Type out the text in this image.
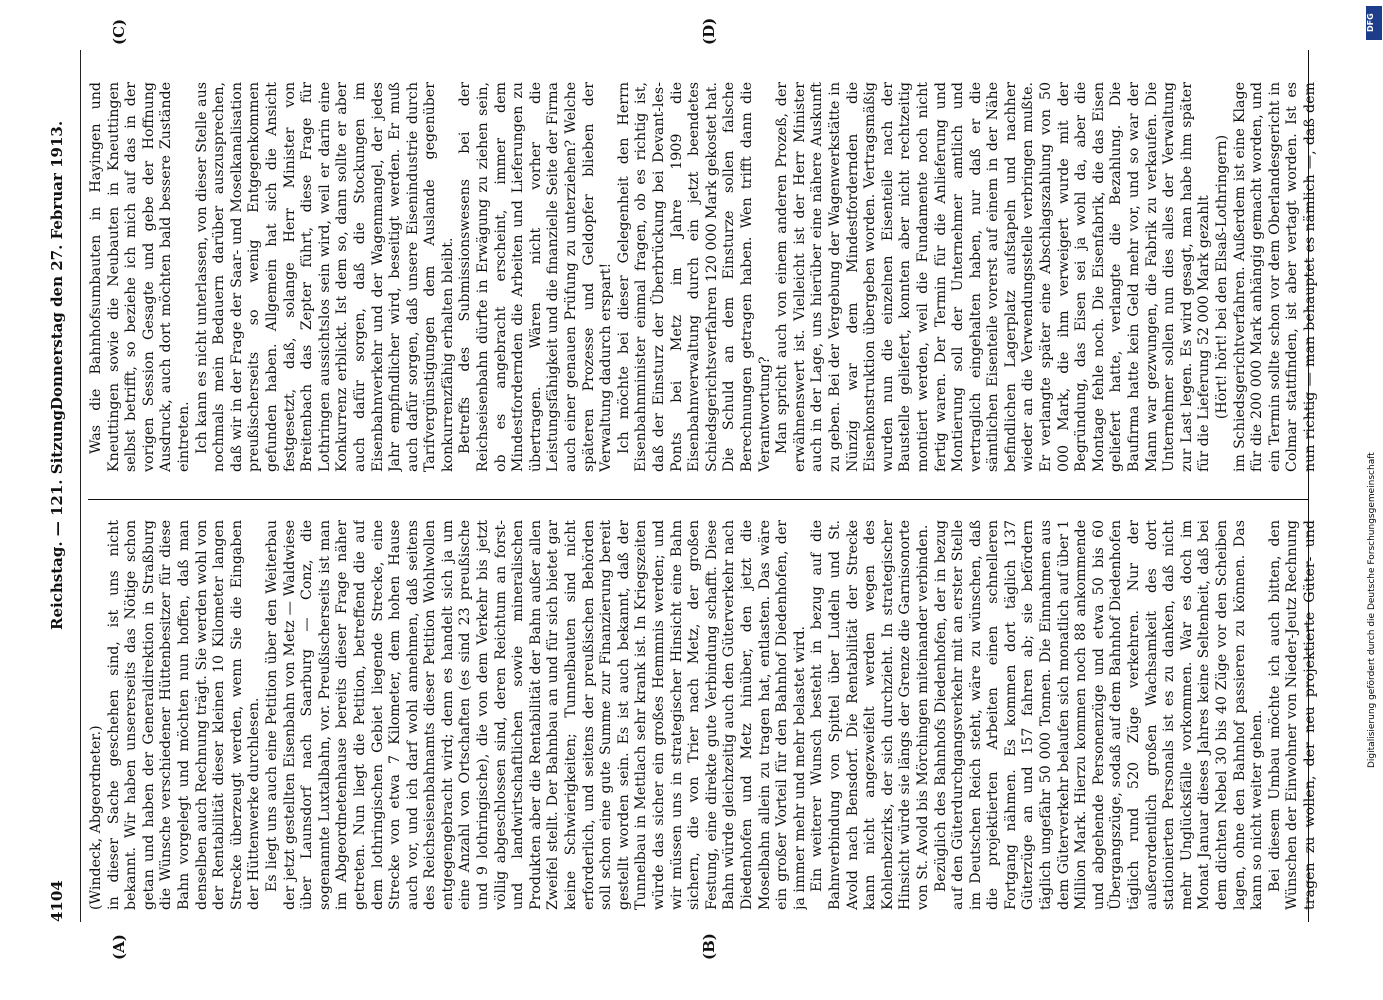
4104
Reichstag. — 121. Sitzung.
Donnerstag den 27. Februar 1913.
(A)	(B)
(C)	(D)

(Windeck, Abgeordneter.) in dieser Sache geschehen sind, ist uns nicht bekannt. Wir haben unsererseits das Nötige schon getan und haben der Generaldirektion in Straßburg die Wünsche verschiedener Hüttenbesitzer für diese Bahn vorgelegt und möchten nun hoffen, daß man denselben auch Rechnung trägt. Sie werden wohl von der Rentabilität dieser kleinen 10 Kilometer langen Strecke überzeugt werden, wenn Sie die Eingaben der Hüttenwerke durchlesen. Es liegt uns auch eine Petition über den Weiterbau der jetzt gestellten Eisenbahn von Metz — Waldwiese über Launsdorf nach Saarburg — Conz, die sogenannte Luxtalbahn, vor. Preußischerseits ist man im Abgeordnetenhause bereits dieser Frage näher getreten. Nun liegt die Petition, betreffend die auf dem lothringischen Gebiet liegende Strecke, eine Strecke von etwa 7 Kilometer, dem hohen Hause auch vor, und ich darf wohl annehmen, daß seitens des Reichseisenbahnamts dieser Petition Wohlwollen entgegengebracht wird; denn es handelt sich ja um eine Anzahl von Ortschaften (es sind 23 preußische und 9 lothringische), die von dem Verkehr bis jetzt völlig abgeschlossen sind, deren Reichtum an forst- und landwirtschaftlichen sowie mineralischen Produkten aber die Rentabilität der Bahn außer allen Zweifel stellt. Der Bahnbau an und für sich bietet gar keine Schwierigkeiten; Tunnelbauten sind nicht erforderlich, und seitens der preußischen Behörden soll schon eine gute Summe zur Finanzierung bereit gestellt worden sein. Es ist auch bekannt, daß der Tunnelbau in Mettlach sehr krank ist. In Kriegszeiten würde das sicher ein großes Hemmnis werden; und wir müssen uns in strategischer Hinsicht eine Bahn sichern, die von Trier nach Metz, der großen Festung, eine direkte gute Verbindung schafft. Diese Bahn würde gleichzeitig auch den Güterverkehr nach Diedenhofen und Metz hinüber, den jetzt die Moselbahn allein zu tragen hat, entlasten. Das wäre ein großer Vorteil für den Bahnhof Diedenhofen, der ja immer mehr und mehr belastet wird. Ein weiterer Wunsch besteht in bezug auf die Bahnverbindung von Spittel über Ludeln und St. Avold nach Bensdorf. Die Rentabilität der Strecke kann nicht angezweifelt werden wegen des Kohlenbezirks, der sich durchzieht. In strategischer Hinsicht würde sie längs der Grenze die Garnisonorte von St. Avold bis Mörchingen miteinander verbinden. Bezüglich des Bahnhofs Diedenhofen, der in bezug auf den Güterdurchgangsverkehr mit an erster Stelle im Deutschen Reich steht, wäre zu wünschen, daß die projektierten Arbeiten einen schnelleren Fortgang nähmen. Es kommen dort täglich 137 Güterzüge an und 157 fahren ab; sie befördern täglich ungefähr 50 000 Tonnen. Die Einnahmen aus dem Güterverkehr belaufen sich monatlich auf über 1 Million Mark. Hierzu kommen noch 88 ankommende und abgehende Personenzüge und etwa 50 bis 60 Übergangszüge, sodaß auf dem Bahnhof Diedenhofen täglich rund 520 Züge verkehren. Nur der außerordentlich großen Wachsamkeit des dort stationierten Personals ist es zu danken, daß nicht mehr Unglücksfälle vorkommen. War es doch im Monat Januar dieses Jahres keine Seltenheit, daß bei dem dichten Nebel 30 bis 40 Züge vor den Scheiben lagen, ohne den Bahnhof passieren zu können. Das kann so nicht weiter gehen. Bei diesem Umbau möchte ich auch bitten, den Wünschen der Einwohner von Nieder-Jeutz Rechnung tragen zu wollen, der neu projektierte Güter- und

Was die Bahnhofsumbauten in Hayingen und Kneuttingen sowie die Neubauten in Kneuttingen selbst betrifft, so beziehe ich mich auf das in der vorigen Session Gesagte und gebe der Hoffnung Ausdruck, auch dort möchten bald bessere Zustände eintreten. Ich kann es nicht unterlassen, von dieser Stelle aus nochmals mein Bedauern darüber auszusprechen, daß wir in der Frage der Saar- und Moselkanalisation preußischerseits so wenig Entgegenkommen gefunden haben. Allgemein hat sich die Ansicht festgesetzt, daß, solange Herr Minister von Breitenbach das Zepter führt, diese Frage für Lothringen aussichtslos sein wird, weil er darin eine Konkurrenz erblickt. Ist dem so, dann sollte er aber auch dafür sorgen, daß die Stockungen im Eisenbahnverkehr und der Wagenmangel, der jedes Jahr empfindlicher wird, beseitigt werden. Er muß auch dafür sorgen, daß unsere Eisenindustrie durch Tarifvergünstigungen dem Auslande gegenüber konkurrenzfähig erhalten bleibt. Betreffs des Submissionswesens bei der Reichseisenbahn dürfte in Erwägung zu ziehen sein, ob es angebracht erscheint, immer dem Mindestfordernden die Arbeiten und Lieferungen zu übertragen. Wären nicht vorher die Leistungsfähigkeit und die finanzielle Seite der Firma auch einer genauen Prüfung zu unterziehen? Welche späteren Prozesse und Geldopfer blieben der Verwaltung dadurch erspart! Ich möchte bei dieser Gelegenheit den Herrn Eisenbahnminister einmal fragen, ob es richtig ist, daß der Einsturz der Überbrückung bei Devant-les-Ponts bei Metz im Jahre 1909 die Eisenbahnverwaltung durch ein jetzt beendetes Schiedsgerichtsverfahren 120 000 Mark gekostet hat. Die Schuld an dem Einsturze sollen falsche Berechnungen getragen haben. Wen trifft dann die Verantwortung? Man spricht auch von einem anderen Prozeß, der erwähnenswert ist. Vielleicht ist der Herr Minister auch in der Lage, uns hierüber eine nähere Auskunft zu geben. Bei der Vergebung der Wagenwerkstätte in Nünzig war dem Mindestfordernden die Eisenkonstruktion übergeben worden. Vertragsmäßig wurden nun die einzelnen Eisenteile nach der Baustelle geliefert, konnten aber nicht rechtzeitig montiert werden, weil die Fundamente noch nicht fertig waren. Der Termin für die Anlieferung und Montierung soll der Unternehmer amtlich und vertraglich eingehalten haben, nur daß er die sämtlichen Eisenteile vorerst auf einem in der Nähe befindlichen Lagerplatz aufstapeln und nachher wieder an die Verwendungsstelle verbringen mußte. Er verlangte später eine Abschlagszahlung von 50 000 Mark, die ihm verweigert wurde mit der Begründung, das Eisen sei ja wohl da, aber die Montage fehle noch. Die Eisenfabrik, die das Eisen geliefert hatte, verlangte die Bezahlung. Die Baufirma hatte kein Geld mehr vor, und so war der Mann war gezwungen, die Fabrik zu verkaufen. Die Unternehmer sollen nun dies alles der Verwaltung zur Last legen. Es wird gesagt, man habe ihm später für die Lieferung 52 000 Mark gezahlt (Hört! hört! bei den Elsaß-Lothringern)

im Schiedsgerichtverfahren. Außerdem ist eine Klage für die 200 000 Mark anhängig gemacht worden, und ein Termin sollte schon vor dem Oberlandesgericht in Colmar stattfinden, ist aber vertagt worden. Ist es nun richtig — man behauptet es nämlich —, daß dem

DFG
Digitalisierung gefördert durch die Deutsche Forschungsgemeinschaft
